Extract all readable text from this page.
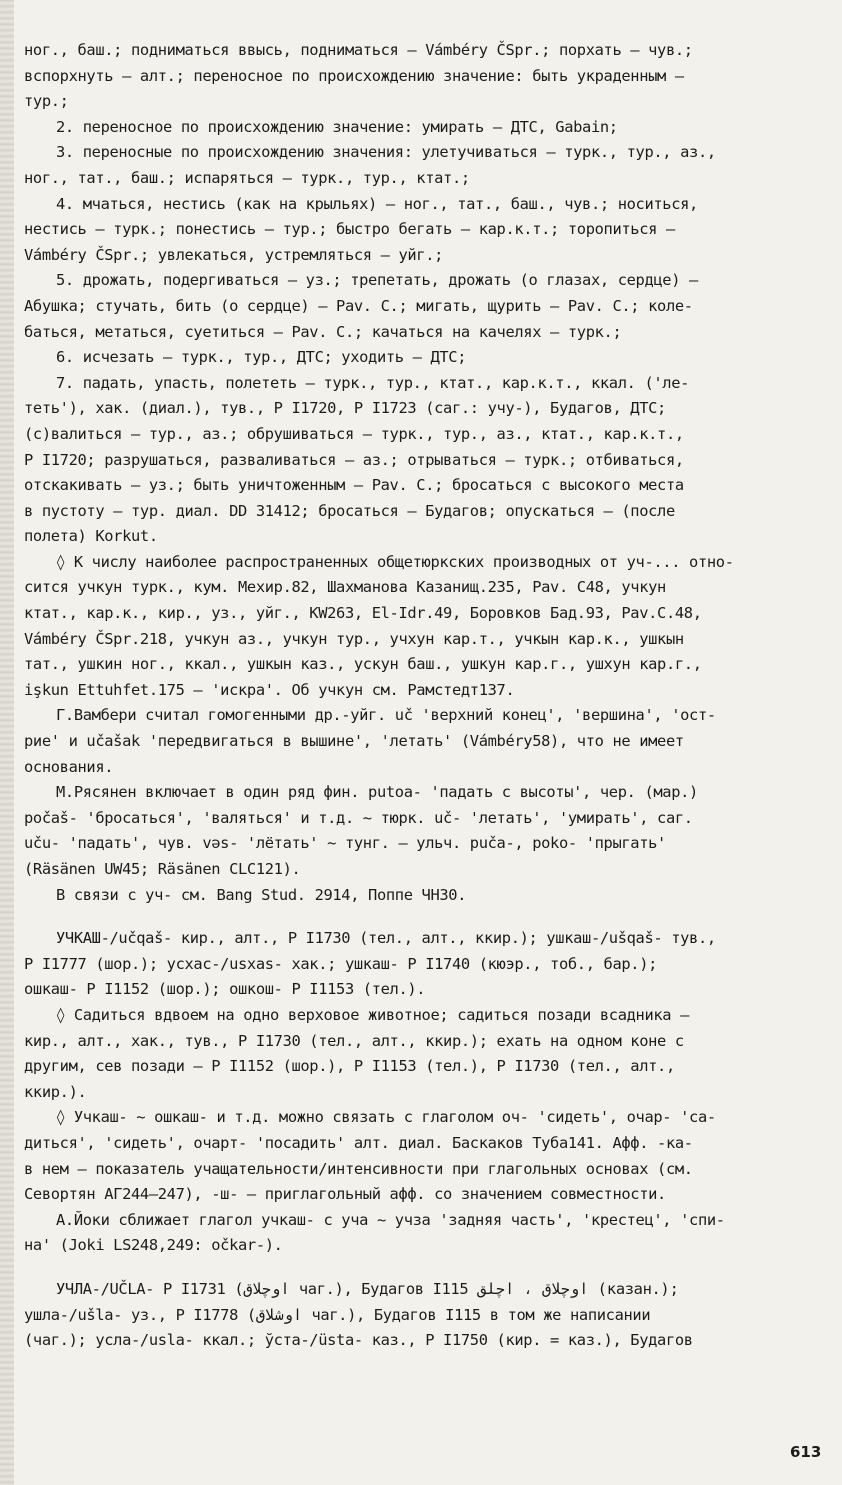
ног., баш.; подниматься ввысь, подниматься – Vámbéry ČSpr.; порхать – чув.;
вспорхнуть – алт.; переносное по происхождению значение: быть украденным –
тур.;
2. переносное по происхождению значение: умирать – ДТС, Gabain;
3. переносные по происхождению значения: улетучиваться – турк., тур., аз.,
ног., тат., баш.; испаряться – турк., тур., ктат.;
4. мчаться, нестись (как на крыльях) – ног., тат., баш., чув.; носиться,
нестись – турк.; понестись – тур.; быстро бегать – кар.к.т.; торопиться –
Vámbéry ČSpr.; увлекаться, устремляться – уйг.;
5. дрожать, подергиваться – уз.; трепетать, дрожать (о глазах, сердце) –
Абушка; стучать, бить (о сердце) – Pav. C.; мигать, щурить – Pav. C.; коле-
баться, метаться, суетиться – Pav. C.; качаться на качелях – турк.;
6. исчезать – турк., тур., ДТС; уходить – ДТС;
7. падать, упасть, полететь – турк., тур., ктат., кар.к.т., ккал. ('ле-
теть'), хак. (диал.), тув., Р I1720, Р I1723 (саг.: учу-), Будагов, ДТС;
(с)валиться – тур., аз.; обрушиваться – турк., тур., аз., ктат., кар.к.т.,
Р I1720; разрушаться, разваливаться – аз.; отрываться – турк.; отбиваться,
отскакивать – уз.; быть уничтоженным – Pav. C.; бросаться с высокого места
в пустоту – тур. диал. DD 31412; бросаться – Будагов; опускаться – (после
полета) Korkut.
◊ К числу наиболее распространенных общетюркских производных от уч-... отно-
сится учкун турк., кум. Мехир.82, Шахманова Казанищ.235, Pav. C48, учкун
ктат., кар.к., кир., уз., уйг., KW263, El-Idr.49, Боровков Бад.93, Pav.C.48,
Vámbéry ČSpr.218, учкун аз., учкун тур., учхун кар.т., учкын кар.к., ушкын
тат., ушкин ног., ккал., ушкын каз., ускун баш., ушкун кар.г., ушхун кар.г.,
işkun Ettuhfet.175 – 'искра'. Об учкун см. Рамстедт137.
Г.Вамбери считал гомогенными др.-уйг. uč 'верхний конец', 'вершина', 'ост-
рие' и učašak 'передвигаться в вышине', 'летать' (Vámbéry58), что не имеет
основания.
М.Рясянен включает в один ряд фин. putoa- 'падать с высоты', чер. (мар.)
počaš- 'бросаться', 'валяться' и т.д. ~ тюрк. uč- 'летать', 'умирать', саг.
uču- 'падать', чув. vəs- 'лётать' ~ тунг. – ульч. puča-, poko- 'прыгать'
(Räsänen UW45; Räsänen CLC121).
В связи с уч- см. Bang Stud. 2914, Поппе ЧН30.
УЧКАШ-/učqaš- кир., алт., Р I1730 (тел., алт., ккир.); ушкаш-/ušqaš- тув.,
Р I1777 (шор.); усхас-/usxas- хак.; ушкаш- Р I1740 (кюэр., тоб., бар.);
ошкаш- Р I1152 (шор.); ошкош- Р I1153 (тел.).
◊ Садиться вдвоем на одно верховое животное; садиться позади всадника –
кир., алт., хак., тув., Р I1730 (тел., алт., ккир.); ехать на одном коне с
другим, сев позади – Р I1152 (шор.), Р I1153 (тел.), Р I1730 (тел., алт.,
ккир.).
◊ Учкаш- ~ ошкаш- и т.д. можно связать с глаголом оч- 'сидеть', очар- 'са-
диться', 'сидеть', очарт- 'посадить' алт. диал. Баскаков Туба141. Афф. -ка-
в нем – показатель учащательности/интенсивности при глагольных основах (см.
Севортян АГ244–247), -ш- – приглагольный афф. со значением совместности.
А.Йоки сближает глагол учкаш- с уча ~ учза 'задняя часть', 'крестец', 'спи-
на' (Joki LS248,249: očkar-).
УЧЛА-/UČLA- Р I1731 (اوچلاق чаг.), Будагов I115 اوچلاق ، اچلق (казан.);
ушла-/ušla- уз., Р I1778 (اوشلاق чаг.), Будагов I115 в том же написании
(чаг.); усла-/usla- ккал.; ўста-/üsta- каз., Р I1750 (кир. = каз.), Будагов
613
